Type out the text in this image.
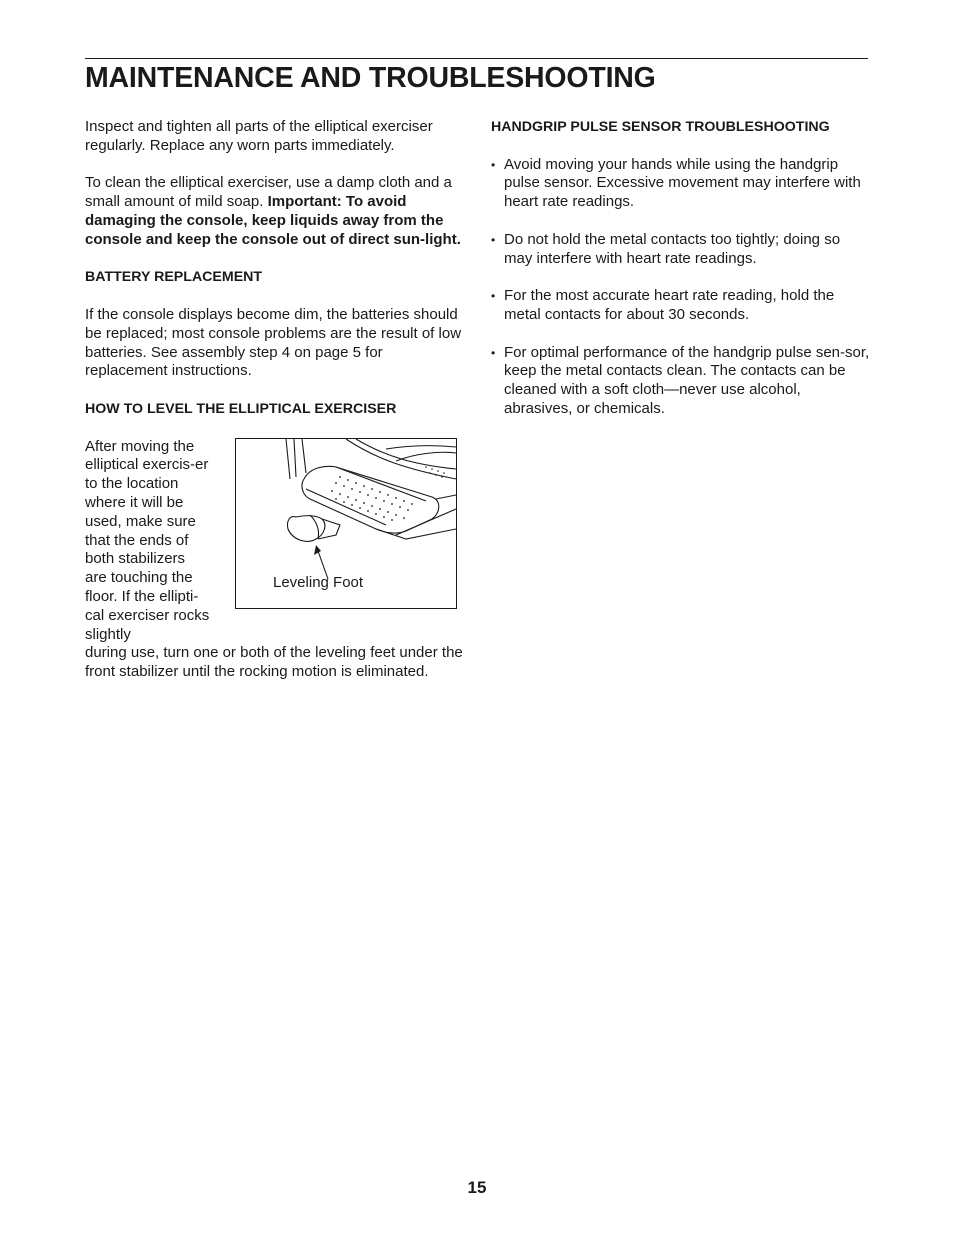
MAINTENANCE AND TROUBLESHOOTING

Inspect and tighten all parts of the elliptical exerciser regularly. Replace any worn parts immediately.

To clean the elliptical exerciser, use a damp cloth and a small amount of mild soap. Important: To avoid damaging the console, keep liquids away from the console and keep the console out of direct sun-light.

BATTERY REPLACEMENT

If the console displays become dim, the batteries should be replaced; most console problems are the result of low batteries. See assembly step 4 on page 5 for replacement instructions.

HOW TO LEVEL THE ELLIPTICAL EXERCISER

After moving the elliptical exercis-er to the location where it will be used, make sure that the ends of both stabilizers are touching the floor. If the ellipti-cal exerciser rocks slightly

during use, turn one or both of the leveling feet under the front stabilizer until the rocking motion is eliminated.

Leveling Foot
HANDGRIP PULSE SENSOR TROUBLESHOOTING
• Avoid moving your hands while using the handgrip pulse sensor. Excessive movement may interfere with heart rate readings.
• Do not hold the metal contacts too tightly; doing so may interfere with heart rate readings.
• For the most accurate heart rate reading, hold the metal contacts for about 30 seconds.
• For optimal performance of the handgrip pulse sen-sor, keep the metal contacts clean. The contacts can be cleaned with a soft cloth—never use alcohol, abrasives, or chemicals.
15
